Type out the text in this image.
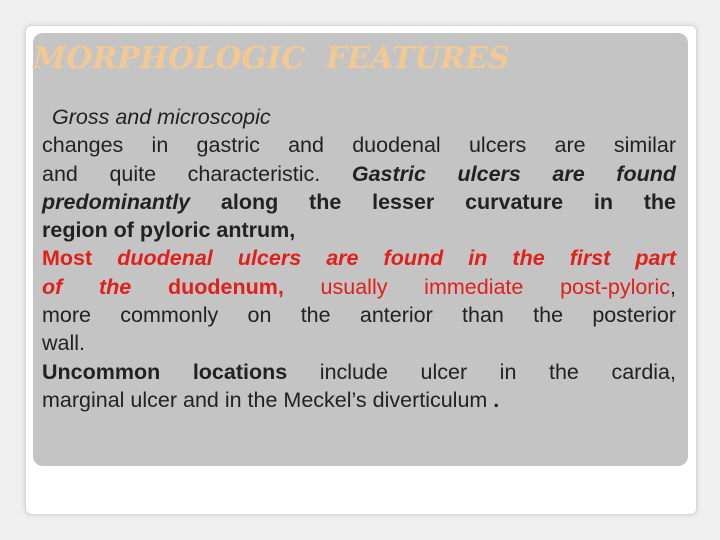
MORPHOLOGIC  FEATURES
Gross and microscopic
changes in gastric and duodenal ulcers are similar
and quite characteristic. Gastric ulcers are found
predominantly along the lesser curvature in the
region of pyloric antrum,
Most duodenal ulcers are found in the first part
of the duodenum, usually immediate post-pyloric,
more commonly on the anterior than the posterior
wall.
Uncommon locations include ulcer in the cardia,
marginal ulcer and in the Meckel’s diverticulum .
